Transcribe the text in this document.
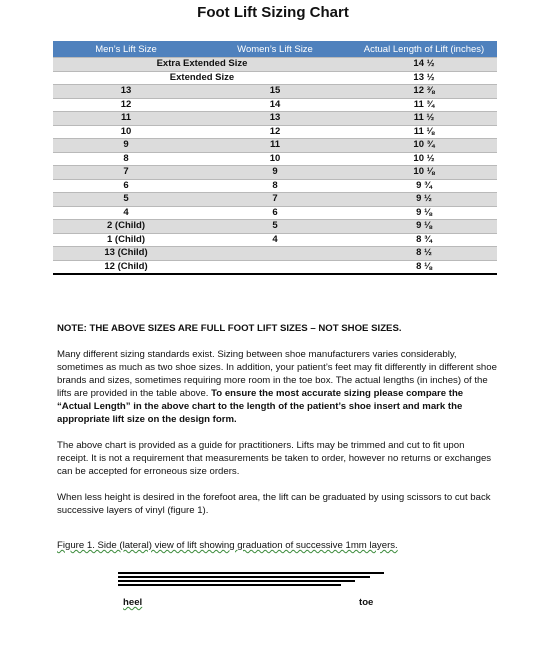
Foot Lift Sizing Chart
Men’s Lift Size	Women’s Lift Size	Actual Length of Lift (inches)
Extra Extended Size		14 ½
Extended Size		13 ½
13	15	12 ⅜
12	14	11 ¾
11	13	11 ½
10	12	11 ⅛
9	11	10 ¾
8	10	10 ½
7	9	10 ⅛
6	8	9 ¾
5	7	9 ½
4	6	9 ⅛
2 (Child)	5	9 ⅛
1 (Child)	4	8 ¾
13 (Child)		8 ½
12 (Child)		8 ⅛

NOTE: THE ABOVE SIZES ARE FULL FOOT LIFT SIZES – NOT SHOE SIZES.

Many different sizing standards exist. Sizing between shoe manufacturers varies considerably, sometimes as much as two shoe sizes. In addition, your patient’s feet may fit differently in different shoe brands and sizes, sometimes requiring more room in the toe box. The actual lengths (in inches) of the lifts are provided in the table above. To ensure the most accurate sizing please compare the “Actual Length” in the above chart to the length of the patient’s shoe insert and mark the appropriate lift size on the design form.

The above chart is provided as a guide for practitioners. Lifts may be trimmed and cut to fit upon receipt. It is not a requirement that measurements be taken to order, however no returns or exchanges can be accepted for erroneous size orders.

When less height is desired in the forefoot area, the lift can be graduated by using scissors to cut back successive layers of vinyl (figure 1).

Figure 1. Side (lateral) view of lift showing graduation of successive 1mm layers.
heel	toe
